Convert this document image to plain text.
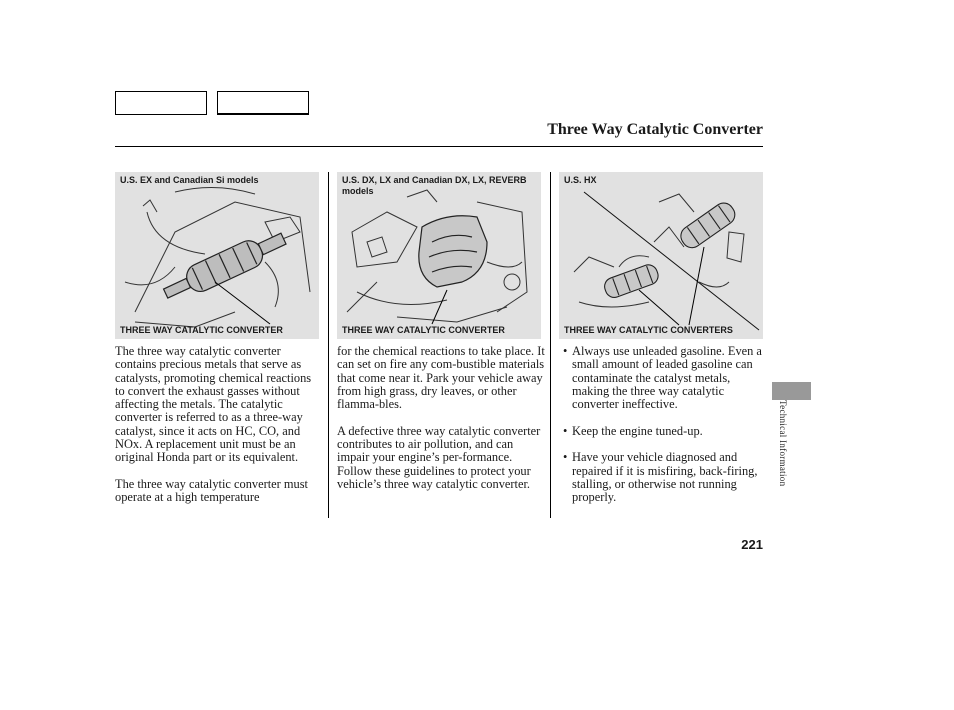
Three Way Catalytic Converter
U.S. EX and Canadian Si models
THREE WAY CATALYTIC CONVERTER
U.S. DX, LX and Canadian DX, LX, REVERB models
THREE WAY CATALYTIC CONVERTER
U.S. HX
THREE WAY CATALYTIC CONVERTERS

The three way catalytic converter contains precious metals that serve as catalysts, promoting chemical reactions to convert the exhaust gasses without affecting the metals. The catalytic converter is referred to as a three-way catalyst, since it acts on HC, CO, and NOx. A replacement unit must be an original Honda part or its equivalent.

The three way catalytic converter must operate at a high temperature

for the chemical reactions to take place. It can set on fire any com-bustible materials that come near it. Park your vehicle away from high grass, dry leaves, or other flamma-bles.

A defective three way catalytic converter contributes to air pollution, and can impair your engine’s per-formance. Follow these guidelines to protect your vehicle’s three way catalytic converter.

• Always use unleaded gasoline. Even a small amount of leaded gasoline can contaminate the catalyst metals, making the three way catalytic converter ineffective.
• Keep the engine tuned-up.
• Have your vehicle diagnosed and repaired if it is misfiring, back-firing, stalling, or otherwise not running properly.
Technical Information
221
